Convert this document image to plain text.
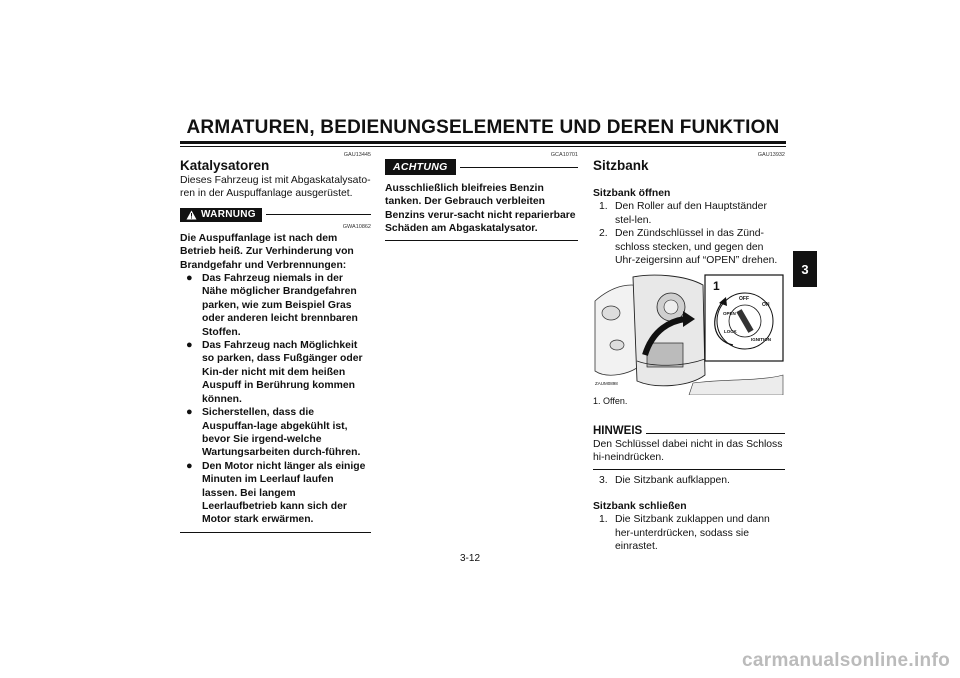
ARMATUREN, BEDIENUNGSELEMENTE UND DEREN FUNKTION
3
GAU13445
Katalysatoren
Dieses Fahrzeug ist mit Abgaskatalysato-ren in der Auspuffanlage ausgerüstet.
WARNUNG
GWA10862
Die Auspuffanlage ist nach dem Betrieb heiß. Zur Verhinderung von Brandgefahr und Verbrennungen:
● Das Fahrzeug niemals in der Nähe möglicher Brandgefahren parken, wie zum Beispiel Gras oder anderen leicht brennbaren Stoffen.
● Das Fahrzeug nach Möglichkeit so parken, dass Fußgänger oder Kin-der nicht mit dem heißen Auspuff in Berührung kommen können.
● Sicherstellen, dass die Auspuffan-lage abgekühlt ist, bevor Sie irgend-welche Wartungsarbeiten durch-führen.
● Den Motor nicht länger als einige Minuten im Leerlauf laufen lassen. Bei langem Leerlaufbetrieb kann sich der Motor stark erwärmen.
GCA10701
ACHTUNG
Ausschließlich bleifreies Benzin tanken. Der Gebrauch verbleiten Benzins verur-sacht nicht reparierbare Schäden am Abgaskatalysator.
GAU13932
Sitzbank
Sitzbank öffnen
1. Den Roller auf den Hauptständer stel-len.
2. Den Zündschlüssel in das Zünd-schloss stecken, und gegen den Uhr-zeigersinn auf “OPEN” drehen.
1
OFF
ON
OPEN
LOCK
IGNITION
ZAUM0898
1. Offen.
HINWEIS
Den Schlüssel dabei nicht in das Schloss hi-neindrücken.
3. Die Sitzbank aufklappen.
Sitzbank schließen
1. Die Sitzbank zuklappen und dann her-unterdrücken, sodass sie einrastet.
3-12
carmanualsonline.info
